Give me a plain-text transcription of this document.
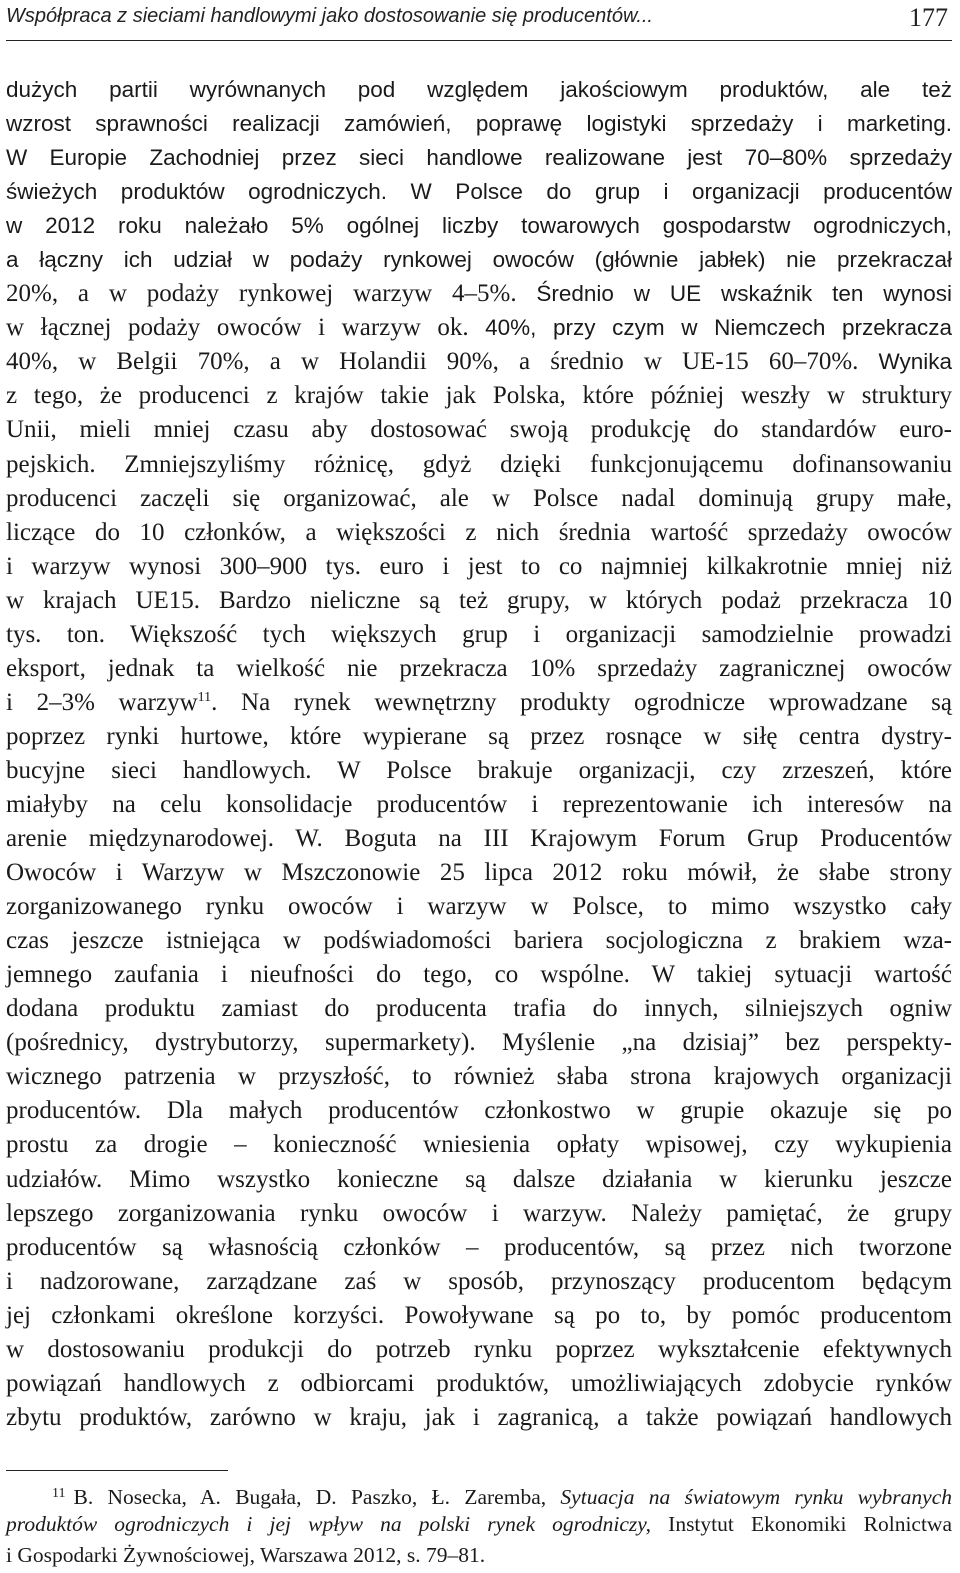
Współpraca z sieciami handlowymi jako dostosowanie się producentów...	177
dużych partii wyrównanych pod względem jakościowym produktów, ale też
wzrost sprawności realizacji zamówień, poprawę logistyki sprzedaży i marketing.
W Europie Zachodniej przez sieci handlowe realizowane jest 70–80% sprzedaży
świeżych produktów ogrodniczych. W Polsce do grup i organizacji producentów
w 2012 roku należało 5% ogólnej liczby towarowych gospodarstw ogrodniczych,
a łączny ich udział w podaży rynkowej owoców (głównie jabłek) nie przekraczał
20%, a w podaży rynkowej warzyw 4–5%. Średnio w UE wskaźnik ten wynosi
w łącznej podaży owoców i warzyw ok. 40%, przy czym w Niemczech przekracza
40%, w Belgii 70%, a w Holandii 90%, a średnio w UE-15 60–70%. Wynika
z tego, że producenci z krajów takie jak Polska, które później weszły w struktury
Unii, mieli mniej czasu aby dostosować swoją produkcję do standardów euro-
pejskich. Zmniejszyliśmy różnicę, gdyż dzięki funkcjonującemu dofinansowaniu
producenci zaczęli się organizować, ale w Polsce nadal dominują grupy małe,
liczące do 10 członków, a większości z nich średnia wartość sprzedaży owoców
i warzyw wynosi 300–900 tys. euro i jest to co najmniej kilkakrotnie mniej niż
w krajach UE15. Bardzo nieliczne są też grupy, w których podaż przekracza 10
tys. ton. Większość tych większych grup i organizacji samodzielnie prowadzi
eksport, jednak ta wielkość nie przekracza 10% sprzedaży zagranicznej owoców
i 2–3% warzyw$^{11}$. Na rynek wewnętrzny produkty ogrodnicze wprowadzane są
poprzez rynki hurtowe, które wypierane są przez rosnące w siłę centra dystry-
bucyjne sieci handlowych. W Polsce brakuje organizacji, czy zrzeszeń, które
miałyby na celu konsolidacje producentów i reprezentowanie ich interesów na
arenie międzynarodowej. W. Boguta na III Krajowym Forum Grup Producentów
Owoców i Warzyw w Mszczonowie 25 lipca 2012 roku mówił, że słabe strony
zorganizowanego rynku owoców i warzyw w Polsce, to mimo wszystko cały
czas jeszcze istniejąca w podświadomości bariera socjologiczna z brakiem wza-
jemnego zaufania i nieufności do tego, co wspólne. W takiej sytuacji wartość
dodana produktu zamiast do producenta trafia do innych, silniejszych ogniw
(pośrednicy, dystrybutorzy, supermarkety). Myślenie „na dzisiaj” bez perspekty-
wicznego patrzenia w przyszłość, to również słaba strona krajowych organizacji
producentów. Dla małych producentów członkostwo w grupie okazuje się po
prostu za drogie – konieczność wniesienia opłaty wpisowej, czy wykupienia
udziałów. Mimo wszystko konieczne są dalsze działania w kierunku jeszcze
lepszego zorganizowania rynku owoców i warzyw. Należy pamiętać, że grupy
producentów są własnością członków – producentów, są przez nich tworzone
i nadzorowane, zarządzane zaś w sposób, przynoszący producentom będącym
jej członkami określone korzyści. Powoływane są po to, by pomóc producentom
w dostosowaniu produkcji do potrzeb rynku poprzez wykształcenie efektywnych
powiązań handlowych z odbiorcami produktów, umożliwiających zdobycie rynków
zbytu produktów, zarówno w kraju, jak i zagranicą, a także powiązań handlowych
$^{11}$ B. Nosecka, A. Bugała, D. Paszko, Ł. Zaremba, Sytuacja na światowym rynku wybranych
produktów ogrodniczych i jej wpływ na polski rynek ogrodniczy, Instytut Ekonomiki Rolnictwa
i Gospodarki Żywnościowej, Warszawa 2012, s. 79–81.
